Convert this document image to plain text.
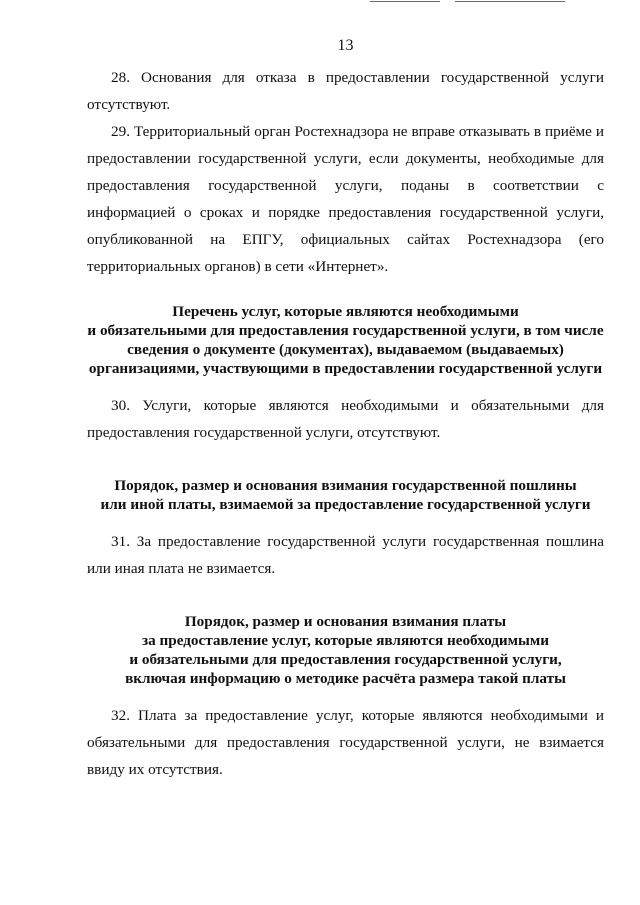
13

28. Основания для отказа в предоставлении государственной услуги отсутствуют.

29. Территориальный орган Ростехнадзора не вправе отказывать в приёме и предоставлении государственной услуги, если документы, необходимые для предоставления государственной услуги, поданы в соответствии с информацией о сроках и порядке предоставления государственной услуги, опубликованной на ЕПГУ, официальных сайтах Ростехнадзора (его территориальных органов) в сети «Интернет».

Перечень услуг, которые являются необходимыми

и обязательными для предоставления государственной услуги, в том числе

сведения о документе (документах), выдаваемом (выдаваемых)

организациями, участвующими в предоставлении государственной услуги

30. Услуги, которые являются необходимыми и обязательными для предоставления государственной услуги, отсутствуют.

Порядок, размер и основания взимания государственной пошлины

или иной платы, взимаемой за предоставление государственной услуги

31. За предоставление государственной услуги государственная пошлина или иная плата не взимается.

Порядок, размер и основания взимания платы

за предоставление услуг, которые являются необходимыми

и обязательными для предоставления государственной услуги,

включая информацию о методике расчёта размера такой платы

32. Плата за предоставление услуг, которые являются необходимыми и обязательными для предоставления государственной услуги, не взимается ввиду их отсутствия.
